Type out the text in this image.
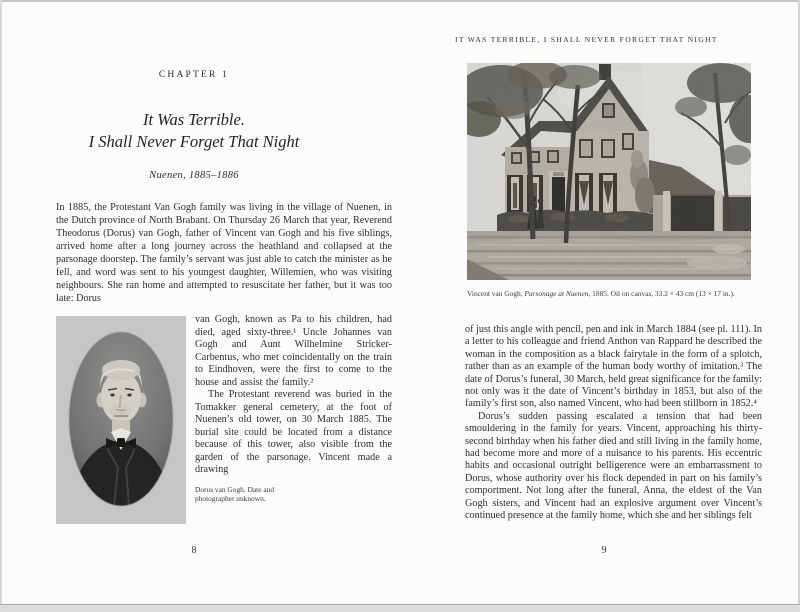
CHAPTER 1
It Was Terrible.
I Shall Never Forget That Night
Nuenen, 1885–1886

In 1885, the Protestant Van Gogh family was living in the village of Nuenen, in the Dutch province of North Brabant. On Thursday 26 March that year, Reverend Theodorus (Dorus) van Gogh, father of Vincent van Gogh and his five siblings, arrived home after a long journey across the heathland and collapsed at the parsonage doorstep. The family’s servant was just able to catch the minister as he fell, and word was sent to his youngest daughter, Willemien, who was visiting neighbours. She ran home and attempted to resuscitate her father, but it was too late: Dorus

van Gogh, known as Pa to his children, had died, aged sixty-three.¹ Uncle Johannes van Gogh and Aunt Wilhelmine Stricker-Carbentus, who met coincidentally on the train to Eindhoven, were the first to come to the house and assist the family.²

The Protestant reverend was buried in the Tomakker general cemetery, at the foot of Nuenen’s old tower, on 30 March 1885. The burial site could be located from a distance because of this tower, also visible from the garden of the parsonage. Vincent made a drawing

Dorus van Gogh. Date and
photographer unknown.
8
IT WAS TERRIBLE, I SHALL NEVER FORGET THAT NIGHT
Vincent van Gogh, Parsonage at Nuenen, 1885. Oil on canvas, 33.2 × 43 cm (13 × 17 in.).

of just this angle with pencil, pen and ink in March 1884 (see pl. 111). In a letter to his colleague and friend Anthon van Rappard he described the woman in the composition as a black fairytale in the form of a splotch, rather than as an example of the human body worthy of imitation.³ The date of Dorus’s funeral, 30 March, held great significance for the family: not only was it the date of Vincent’s birthday in 1853, but also of the family’s first son, also named Vincent, who had been stillborn in 1852.⁴

Dorus’s sudden passing escalated a tension that had been smouldering in the family for years. Vincent, approaching his thirty-second birthday when his father died and still living in the family home, had become more and more of a nuisance to his parents. His eccentric habits and occasional outright belligerence were an embarrassment to Dorus, whose authority over his flock depended in part on his family’s comportment. Not long after the funeral, Anna, the eldest of the Van Gogh sisters, and Vincent had an explosive argument over Vincent’s continued presence at the family home, which she and her siblings felt

9
